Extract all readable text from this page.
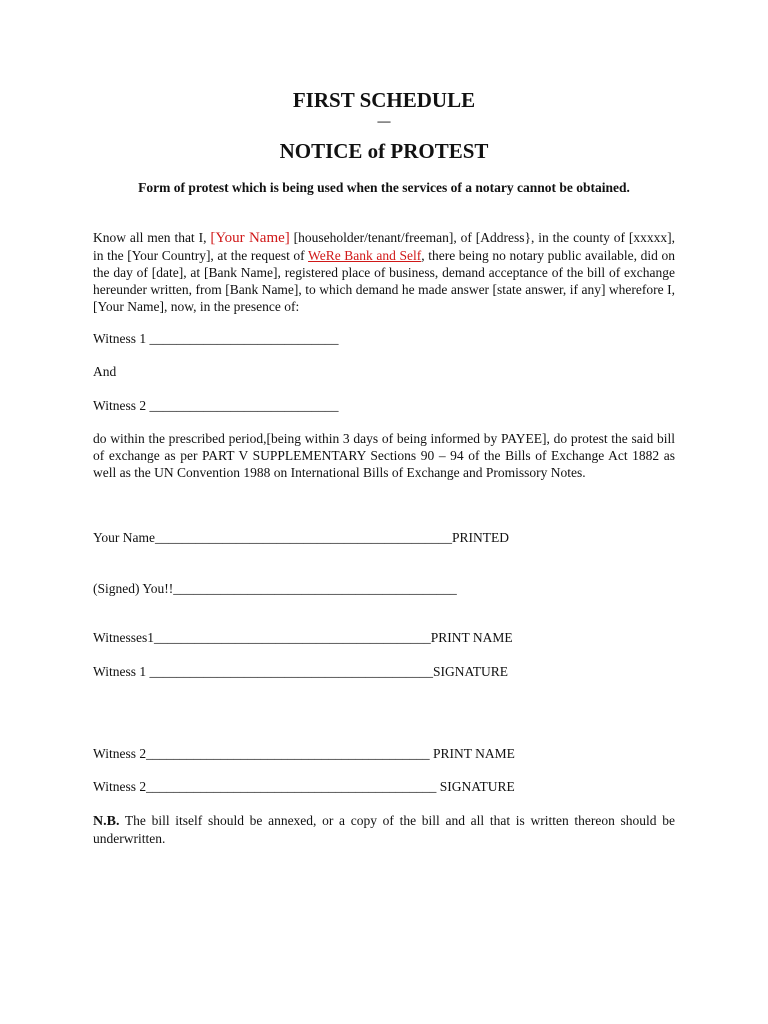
FIRST SCHEDULE
—
NOTICE of PROTEST

Form of protest which is being used when the services of a notary cannot be obtained.

Know all men that I, [Your Name] [householder/tenant/freeman], of [Address}, in the county of [xxxxx], in the [Your Country], at the request of WeRe Bank and Self, there being no notary public available, did on the day of [date], at [Bank Name], registered place of business, demand acceptance of the bill of exchange hereunder written, from [Bank Name], to which demand he made answer [state answer, if any] wherefore I, [Your Name], now, in the presence of:

Witness 1 ____________________________

And

Witness 2 ____________________________

do within the prescribed period,[being within 3 days of being informed by PAYEE], do protest the said bill of exchange as per PART V SUPPLEMENTARY Sections 90 – 94 of the Bills of Exchange Act 1882 as well as the UN Convention 1988 on International Bills of Exchange and Promissory Notes.

Your Name____________________________________________PRINTED

(Signed) You!!__________________________________________

Witnesses1_________________________________________PRINT NAME

Witness 1 __________________________________________SIGNATURE

Witness 2__________________________________________ PRINT NAME

Witness 2___________________________________________ SIGNATURE

N.B. The bill itself should be annexed, or a copy of the bill and all that is written thereon should be underwritten.
